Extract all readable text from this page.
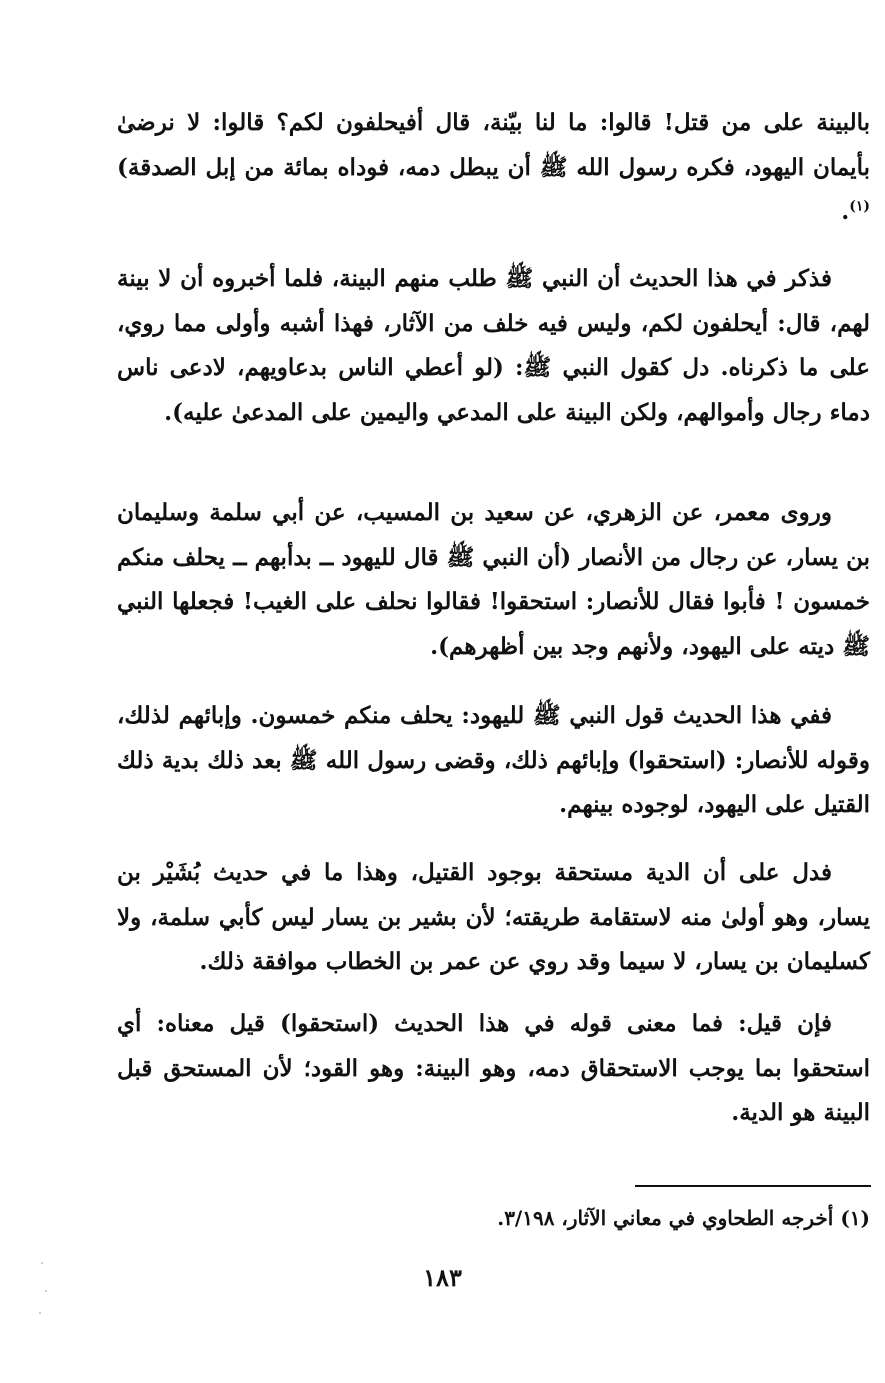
بالبينة على من قتل! قالوا: ما لنا بيّنة، قال أفيحلفون لكم؟ قالوا: لا نرضىٰ بأيمان اليهود، فكره رسول الله ﷺ أن يبطل دمه، فوداه بمائة من إبل الصدقة)$^{(١)}$.

فذكر في هذا الحديث أن النبي ﷺ طلب منهم البينة، فلما أخبروه أن لا بينة لهم، قال: أيحلفون لكم، وليس فيه خلف من الآثار، فهذا أشبه وأولى مما روي، على ما ذكرناه. دل كقول النبي ﷺ: (لو أعطي الناس بدعاويهم، لادعى ناس دماء رجال وأموالهم، ولكن البينة على المدعي واليمين على المدعىٰ عليه).

وروى معمر، عن الزهري، عن سعيد بن المسيب، عن أبي سلمة وسليمان بن يسار، عن رجال من الأنصار (أن النبي ﷺ قال لليهود ــ بدأبهم ــ يحلف منكم خمسون ! فأبوا فقال للأنصار: استحقوا! فقالوا نحلف على الغيب! فجعلها النبي ﷺ ديته على اليهود، ولأنهم وجد بين أظهرهم).

ففي هذا الحديث قول النبي ﷺ لليهود: يحلف منكم خمسون. وإبائهم لذلك، وقوله للأنصار: (استحقوا) وإبائهم ذلك، وقضى رسول الله ﷺ بعد ذلك بدية ذلك القتيل على اليهود، لوجوده بينهم.

فدل على أن الدية مستحقة بوجود القتيل، وهذا ما في حديث بُشَيْر بن يسار، وهو أولىٰ منه لاستقامة طريقته؛ لأن بشير بن يسار ليس كأبي سلمة، ولا كسليمان بن يسار، لا سيما وقد روي عن عمر بن الخطاب موافقة ذلك.

فإن قيل: فما معنى قوله في هذا الحديث (استحقوا) قيل معناه: أي استحقوا بما يوجب الاستحقاق دمه، وهو البينة: وهو القود؛ لأن المستحق قبل البينة هو الدية.

(١) أخرجه الطحاوي في معاني الآثار، ٣/١٩٨.
١٨٣
